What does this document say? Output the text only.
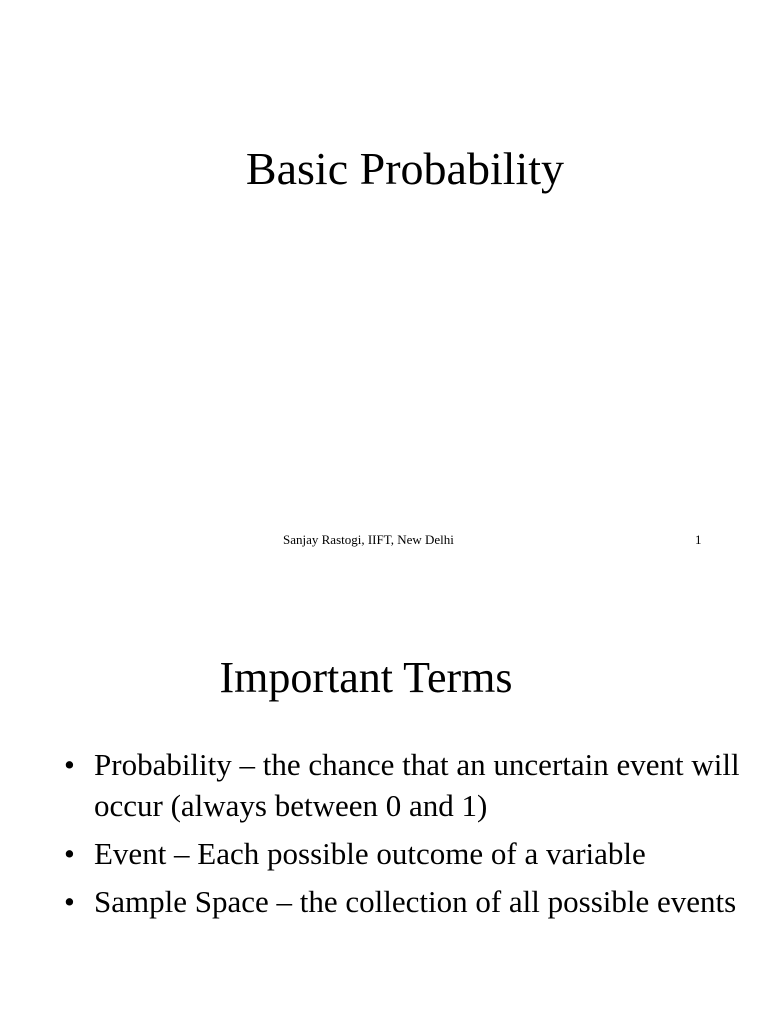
Basic Probability
Sanjay Rastogi, IIFT, New Delhi	1
Important Terms
• Probability – the chance that an uncertain event will occur (always between 0 and 1)
• Event – Each possible outcome of a variable
• Sample Space – the collection of all possible events
